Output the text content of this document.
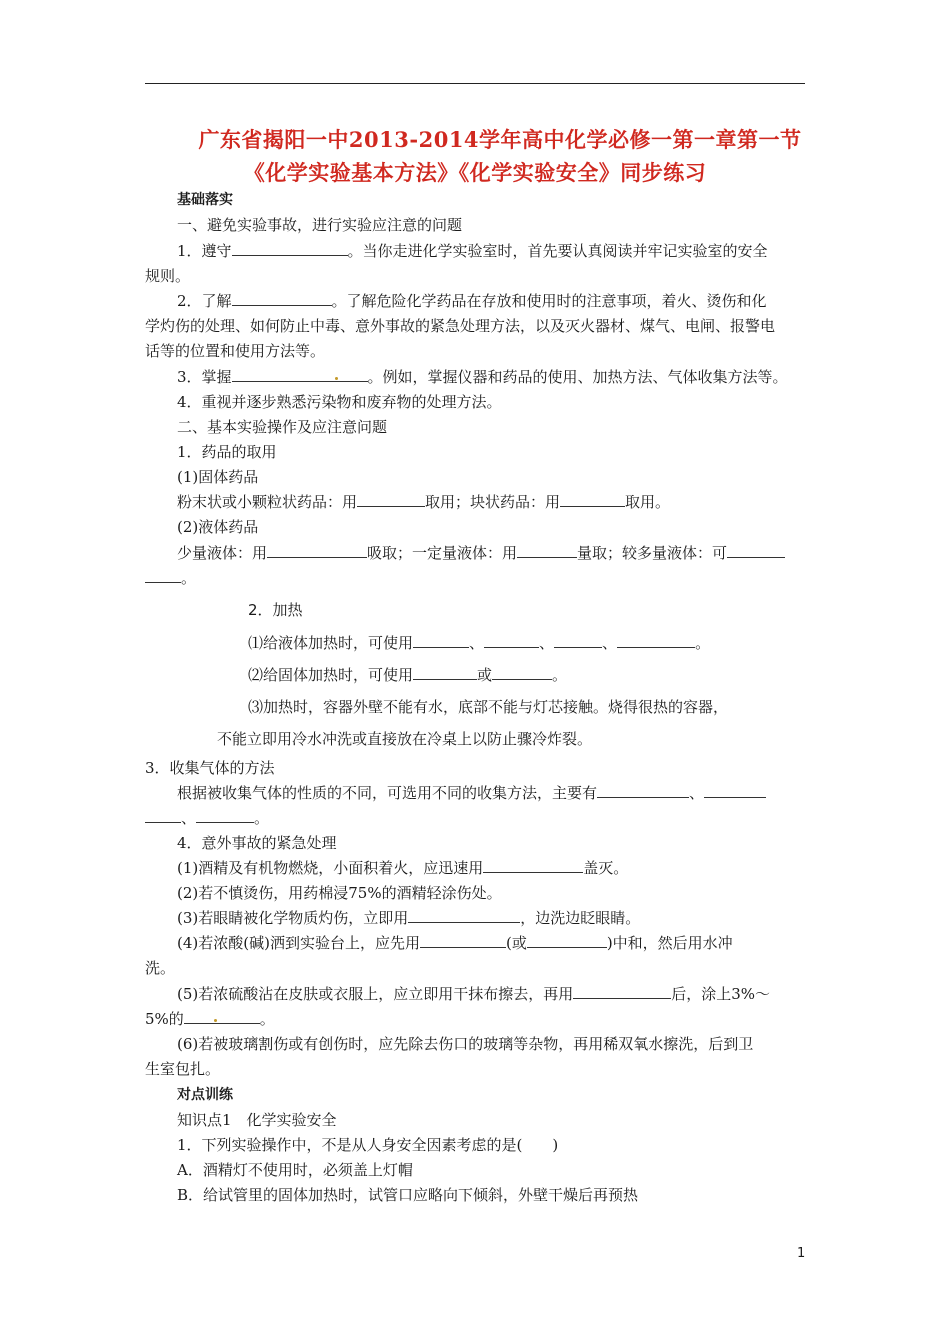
广东省揭阳一中2013-2014学年高中化学必修一第一章第一节
《化学实验基本方法》《化学实验安全》同步练习
基础落实
一、避免实验事故，进行实验应注意的问题
1．遵守	。当你走进化学实验室时，首先要认真阅读并牢记实验室的安全
规则。
2．了解	。了解危险化学药品在存放和使用时的注意事项，着火、烫伤和化
学灼伤的处理、如何防止中毒、意外事故的紧急处理方法，以及灭火器材、煤气、电闸、报警电
话等的位置和使用方法等。
3．掌握	。例如，掌握仪器和药品的使用、加热方法、气体收集方法等。
4．重视并逐步熟悉污染物和废弃物的处理方法。
二、基本实验操作及应注意问题
1．药品的取用
(1)固体药品
粉末状或小颗粒状药品：用	取用；块状药品：用	取用。
(2)液体药品
少量液体：用	吸取；一定量液体：用	量取；较多量液体：可
。
2．加热
⑴给液体加热时，可使用	、	、	、	。
⑵给固体加热时，可使用	或	。
⑶加热时，容器外壁不能有水，底部不能与灯芯接触。烧得很热的容器，
不能立即用冷水冲洗或直接放在冷桌上以防止骤冷炸裂。
3．收集气体的方法
根据被收集气体的性质的不同，可选用不同的收集方法，主要有	、
、	。
4．意外事故的紧急处理
(1)酒精及有机物燃烧，小面积着火，应迅速用	盖灭。
(2)若不慎烫伤，用药棉浸75%的酒精轻涂伤处。
(3)若眼睛被化学物质灼伤，立即用	，边洗边眨眼睛。
(4)若浓酸(碱)洒到实验台上，应先用	(或	)中和，然后用水冲
洗。
(5)若浓硫酸沾在皮肤或衣服上，应立即用干抹布擦去，再用	后，涂上3%～
5%的	。
(6)若被玻璃割伤或有创伤时，应先除去伤口的玻璃等杂物，再用稀双氧水擦洗，后到卫
生室包扎。
对点训练
知识点1　化学实验安全
1．下列实验操作中，不是从人身安全因素考虑的是(　　)
A．酒精灯不使用时，必须盖上灯帽
B．给试管里的固体加热时，试管口应略向下倾斜，外壁干燥后再预热
1
